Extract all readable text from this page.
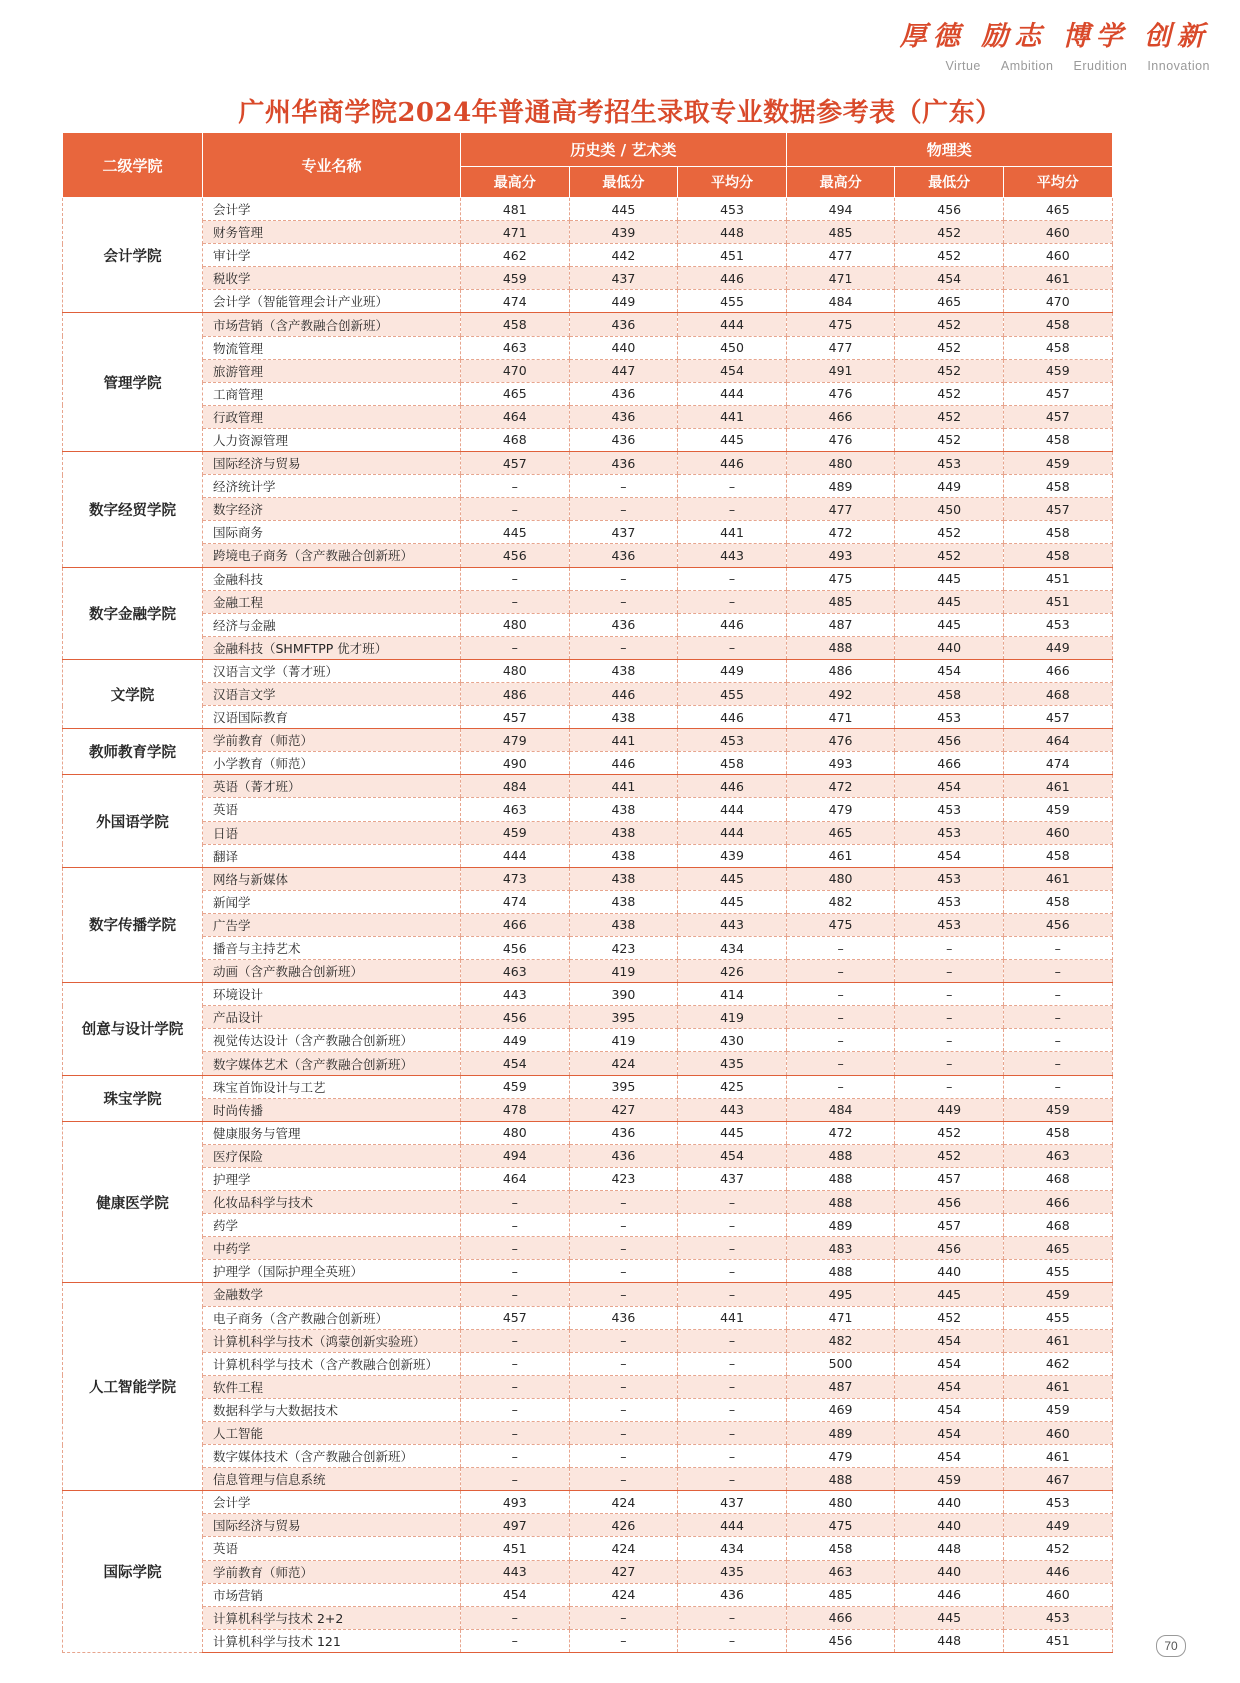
厚德 励志 博学 创新
Virtue Ambition Erudition Innovation
广州华商学院2024年普通高考招生录取专业数据参考表（广东）
二级学院	专业名称	历史类 / 艺术类			物理类		
		最高分	最低分	平均分	最高分	最低分	平均分
会计学院	会计学	481	445	453	494	456	465
	财务管理	471	439	448	485	452	460
	审计学	462	442	451	477	452	460
	税收学	459	437	446	471	454	461
	会计学（智能管理会计产业班）	474	449	455	484	465	470
管理学院	市场营销（含产教融合创新班）	458	436	444	475	452	458
	物流管理	463	440	450	477	452	458
	旅游管理	470	447	454	491	452	459
	工商管理	465	436	444	476	452	457
	行政管理	464	436	441	466	452	457
	人力资源管理	468	436	445	476	452	458
数字经贸学院	国际经济与贸易	457	436	446	480	453	459
	经济统计学	–	–	–	489	449	458
	数字经济	–	–	–	477	450	457
	国际商务	445	437	441	472	452	458
	跨境电子商务（含产教融合创新班）	456	436	443	493	452	458
数字金融学院	金融科技	–	–	–	475	445	451
	金融工程	–	–	–	485	445	451
	经济与金融	480	436	446	487	445	453
	金融科技（SHMFTPP 优才班）	–	–	–	488	440	449
文学院	汉语言文学（菁才班）	480	438	449	486	454	466
	汉语言文学	486	446	455	492	458	468
	汉语国际教育	457	438	446	471	453	457
教师教育学院	学前教育（师范）	479	441	453	476	456	464
	小学教育（师范）	490	446	458	493	466	474
外国语学院	英语（菁才班）	484	441	446	472	454	461
	英语	463	438	444	479	453	459
	日语	459	438	444	465	453	460
	翻译	444	438	439	461	454	458
数字传播学院	网络与新媒体	473	438	445	480	453	461
	新闻学	474	438	445	482	453	458
	广告学	466	438	443	475	453	456
	播音与主持艺术	456	423	434	–	–	–
	动画（含产教融合创新班）	463	419	426	–	–	–
创意与设计学院	环境设计	443	390	414	–	–	–
	产品设计	456	395	419	–	–	–
	视觉传达设计（含产教融合创新班）	449	419	430	–	–	–
	数字媒体艺术（含产教融合创新班）	454	424	435	–	–	–
珠宝学院	珠宝首饰设计与工艺	459	395	425	–	–	–
	时尚传播	478	427	443	484	449	459
健康医学院	健康服务与管理	480	436	445	472	452	458
	医疗保险	494	436	454	488	452	463
	护理学	464	423	437	488	457	468
	化妆品科学与技术	–	–	–	488	456	466
	药学	–	–	–	489	457	468
	中药学	–	–	–	483	456	465
	护理学（国际护理全英班）	–	–	–	488	440	455
人工智能学院	金融数学	–	–	–	495	445	459
	电子商务（含产教融合创新班）	457	436	441	471	452	455
	计算机科学与技术（鸿蒙创新实验班）	–	–	–	482	454	461
	计算机科学与技术（含产教融合创新班）	–	–	–	500	454	462
	软件工程	–	–	–	487	454	461
	数据科学与大数据技术	–	–	–	469	454	459
	人工智能	–	–	–	489	454	460
	数字媒体技术（含产教融合创新班）	–	–	–	479	454	461
	信息管理与信息系统	–	–	–	488	459	467
国际学院	会计学	493	424	437	480	440	453
	国际经济与贸易	497	426	444	475	440	449
	英语	451	424	434	458	448	452
	学前教育（师范）	443	427	435	463	440	446
	市场营销	454	424	436	485	446	460
	计算机科学与技术 2+2	–	–	–	466	445	453
	计算机科学与技术 121	–	–	–	456	448	451	70
